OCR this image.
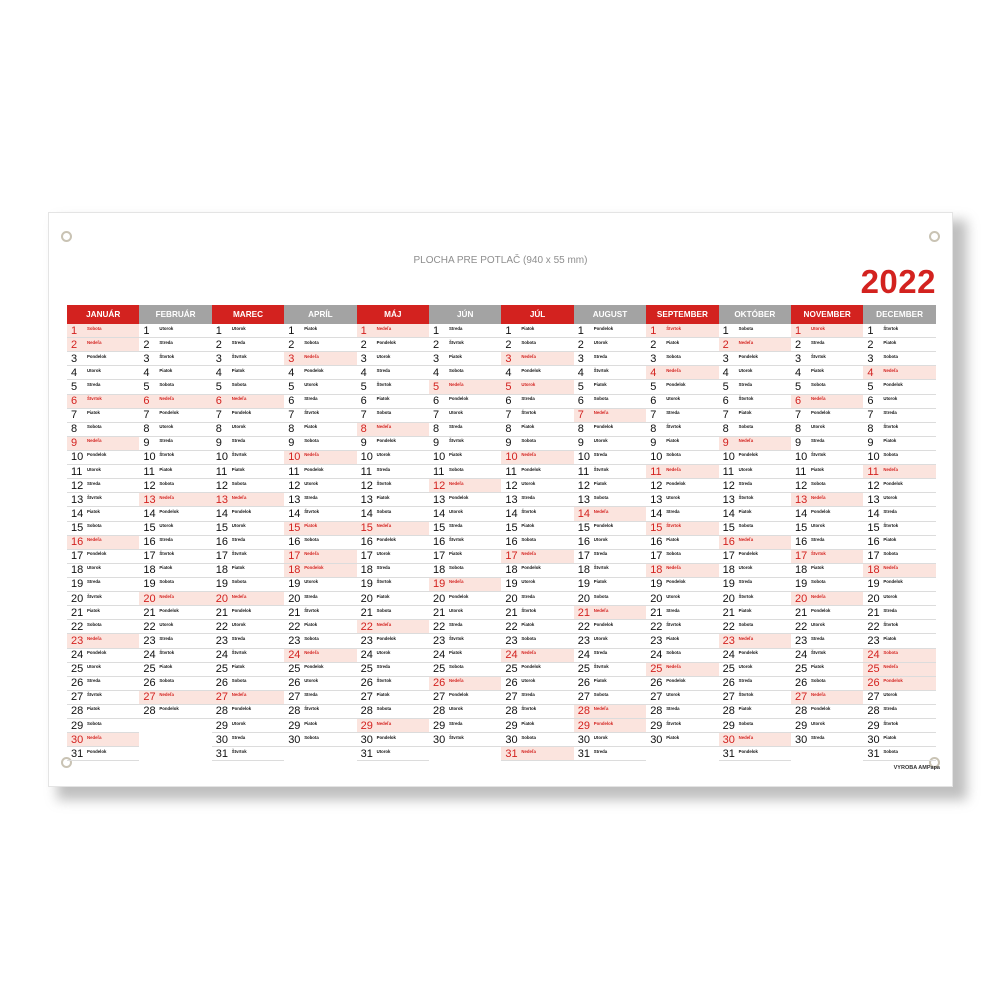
PLOCHA PRE POTLAČ (940 x 55 mm)
2022
JANUÁR
1 Sobota
2 Nedeľa
3 Pondelok
4 Utorok
5 Streda
6 Štvrtok
7 Piatok
8 Sobota
9 Nedeľa
10 Pondelok
11 Utorok
12 Streda
13 Štvrtok
14 Piatok
15 Sobota
16 Nedeľa
17 Pondelok
18 Utorok
19 Streda
20 Štvrtok
21 Piatok
22 Sobota
23 Nedeľa
24 Pondelok
25 Utorok
26 Streda
27 Štvrtok
28 Piatok
29 Sobota
30 Nedeľa
31 Pondelok
FEBRUÁR
1 Utorok
2 Streda
3 Štvrtok
4 Piatok
5 Sobota
6 Nedeľa
7 Pondelok
8 Utorok
9 Streda
10 Štvrtok
11 Piatok
12 Sobota
13 Nedeľa
14 Pondelok
15 Utorok
16 Streda
17 Štvrtok
18 Piatok
19 Sobota
20 Nedeľa
21 Pondelok
22 Utorok
23 Streda
24 Štvrtok
25 Piatok
26 Sobota
27 Nedeľa
28 Pondelok
MAREC
1 Utorok
2 Streda
3 Štvrtok
4 Piatok
5 Sobota
6 Nedeľa
7 Pondelok
8 Utorok
9 Streda
10 Štvrtok
11 Piatok
12 Sobota
13 Nedeľa
14 Pondelok
15 Utorok
16 Streda
17 Štvrtok
18 Piatok
19 Sobota
20 Nedeľa
21 Pondelok
22 Utorok
23 Streda
24 Štvrtok
25 Piatok
26 Sobota
27 Nedeľa
28 Pondelok
29 Utorok
30 Streda
31 Štvrtok
APRÍL
1 Piatok
2 Sobota
3 Nedeľa
4 Pondelok
5 Utorok
6 Streda
7 Štvrtok
8 Piatok
9 Sobota
10 Nedeľa
11 Pondelok
12 Utorok
13 Streda
14 Štvrtok
15 Piatok
16 Sobota
17 Nedeľa
18 Pondelok
19 Utorok
20 Streda
21 Štvrtok
22 Piatok
23 Sobota
24 Nedeľa
25 Pondelok
26 Utorok
27 Streda
28 Štvrtok
29 Piatok
30 Sobota
MÁJ
1 Nedeľa
2 Pondelok
3 Utorok
4 Streda
5 Štvrtok
6 Piatok
7 Sobota
8 Nedeľa
9 Pondelok
10 Utorok
11 Streda
12 Štvrtok
13 Piatok
14 Sobota
15 Nedeľa
16 Pondelok
17 Utorok
18 Streda
19 Štvrtok
20 Piatok
21 Sobota
22 Nedeľa
23 Pondelok
24 Utorok
25 Streda
26 Štvrtok
27 Piatok
28 Sobota
29 Nedeľa
30 Pondelok
31 Utorok
JÚN
1 Streda
2 Štvrtok
3 Piatok
4 Sobota
5 Nedeľa
6 Pondelok
7 Utorok
8 Streda
9 Štvrtok
10 Piatok
11 Sobota
12 Nedeľa
13 Pondelok
14 Utorok
15 Streda
16 Štvrtok
17 Piatok
18 Sobota
19 Nedeľa
20 Pondelok
21 Utorok
22 Streda
23 Štvrtok
24 Piatok
25 Sobota
26 Nedeľa
27 Pondelok
28 Utorok
29 Streda
30 Štvrtok
JÚL
1 Piatok
2 Sobota
3 Nedeľa
4 Pondelok
5 Utorok
6 Streda
7 Štvrtok
8 Piatok
9 Sobota
10 Nedeľa
11 Pondelok
12 Utorok
13 Streda
14 Štvrtok
15 Piatok
16 Sobota
17 Nedeľa
18 Pondelok
19 Utorok
20 Streda
21 Štvrtok
22 Piatok
23 Sobota
24 Nedeľa
25 Pondelok
26 Utorok
27 Streda
28 Štvrtok
29 Piatok
30 Sobota
31 Nedeľa
AUGUST
1 Pondelok
2 Utorok
3 Streda
4 Štvrtok
5 Piatok
6 Sobota
7 Nedeľa
8 Pondelok
9 Utorok
10 Streda
11 Štvrtok
12 Piatok
13 Sobota
14 Nedeľa
15 Pondelok
16 Utorok
17 Streda
18 Štvrtok
19 Piatok
20 Sobota
21 Nedeľa
22 Pondelok
23 Utorok
24 Streda
25 Štvrtok
26 Piatok
27 Sobota
28 Nedeľa
29 Pondelok
30 Utorok
31 Streda
SEPTEMBER
1 Štvrtok
2 Piatok
3 Sobota
4 Nedeľa
5 Pondelok
6 Utorok
7 Streda
8 Štvrtok
9 Piatok
10 Sobota
11 Nedeľa
12 Pondelok
13 Utorok
14 Streda
15 Štvrtok
16 Piatok
17 Sobota
18 Nedeľa
19 Pondelok
20 Utorok
21 Streda
22 Štvrtok
23 Piatok
24 Sobota
25 Nedeľa
26 Pondelok
27 Utorok
28 Streda
29 Štvrtok
30 Piatok
OKTÓBER
1 Sobota
2 Nedeľa
3 Pondelok
4 Utorok
5 Streda
6 Štvrtok
7 Piatok
8 Sobota
9 Nedeľa
10 Pondelok
11 Utorok
12 Streda
13 Štvrtok
14 Piatok
15 Sobota
16 Nedeľa
17 Pondelok
18 Utorok
19 Streda
20 Štvrtok
21 Piatok
22 Sobota
23 Nedeľa
24 Pondelok
25 Utorok
26 Streda
27 Štvrtok
28 Piatok
29 Sobota
30 Nedeľa
31 Pondelok
NOVEMBER
1 Utorok
2 Streda
3 Štvrtok
4 Piatok
5 Sobota
6 Nedeľa
7 Pondelok
8 Utorok
9 Streda
10 Štvrtok
11 Piatok
12 Sobota
13 Nedeľa
14 Pondelok
15 Utorok
16 Streda
17 Štvrtok
18 Piatok
19 Sobota
20 Nedeľa
21 Pondelok
22 Utorok
23 Streda
24 Štvrtok
25 Piatok
26 Sobota
27 Nedeľa
28 Pondelok
29 Utorok
30 Streda
DECEMBER
1 Štvrtok
2 Piatok
3 Sobota
4 Nedeľa
5 Pondelok
6 Utorok
7 Streda
8 Štvrtok
9 Piatok
10 Sobota
11 Nedeľa
12 Pondelok
13 Utorok
14 Streda
15 Štvrtok
16 Piatok
17 Sobota
18 Nedeľa
19 Pondelok
20 Utorok
21 Streda
22 Štvrtok
23 Piatok
24 Sobota
25 Nedeľa
26 Pondelok
27 Utorok
28 Streda
29 Štvrtok
30 Piatok
31 Sobota
VYROBA AMPapa
